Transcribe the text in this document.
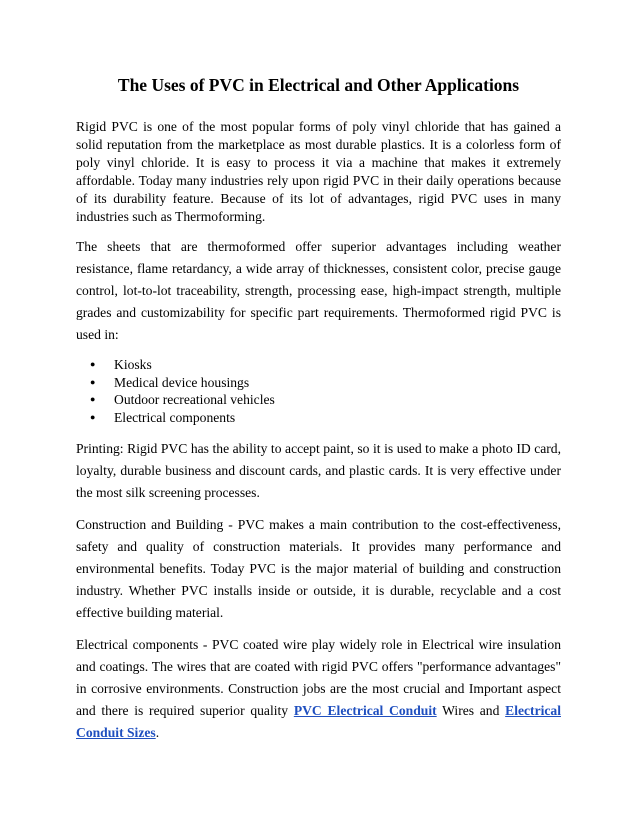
The Uses of PVC in Electrical and Other Applications

Rigid PVC is one of the most popular forms of poly vinyl chloride that has gained a solid reputation from the marketplace as most durable plastics. It is a colorless form of poly vinyl chloride. It is easy to process it via a machine that makes it extremely affordable. Today many industries rely upon rigid PVC in their daily operations because of its durability feature. Because of its lot of advantages, rigid PVC uses in many industries such as Thermoforming.

The sheets that are thermoformed offer superior advantages including weather resistance, flame retardancy, a wide array of thicknesses, consistent color, precise gauge control, lot-to-lot traceability, strength, processing ease, high-impact strength, multiple grades and customizability for specific part requirements. Thermoformed rigid PVC is used in:

● Kiosks
● Medical device housings
● Outdoor recreational vehicles
● Electrical components

Printing: Rigid PVC has the ability to accept paint, so it is used to make a photo ID card, loyalty, durable business and discount cards, and plastic cards. It is very effective under the most silk screening processes.

Construction and Building - PVC makes a main contribution to the cost-effectiveness, safety and quality of construction materials. It provides many performance and environmental benefits. Today PVC is the major material of building and construction industry. Whether PVC installs inside or outside, it is durable, recyclable and a cost effective building material.

Electrical components - PVC coated wire play widely role in Electrical wire insulation and coatings. The wires that are coated with rigid PVC offers "performance advantages" in corrosive environments. Construction jobs are the most crucial and Important aspect and there is required superior quality PVC Electrical Conduit Wires and Electrical Conduit Sizes.
